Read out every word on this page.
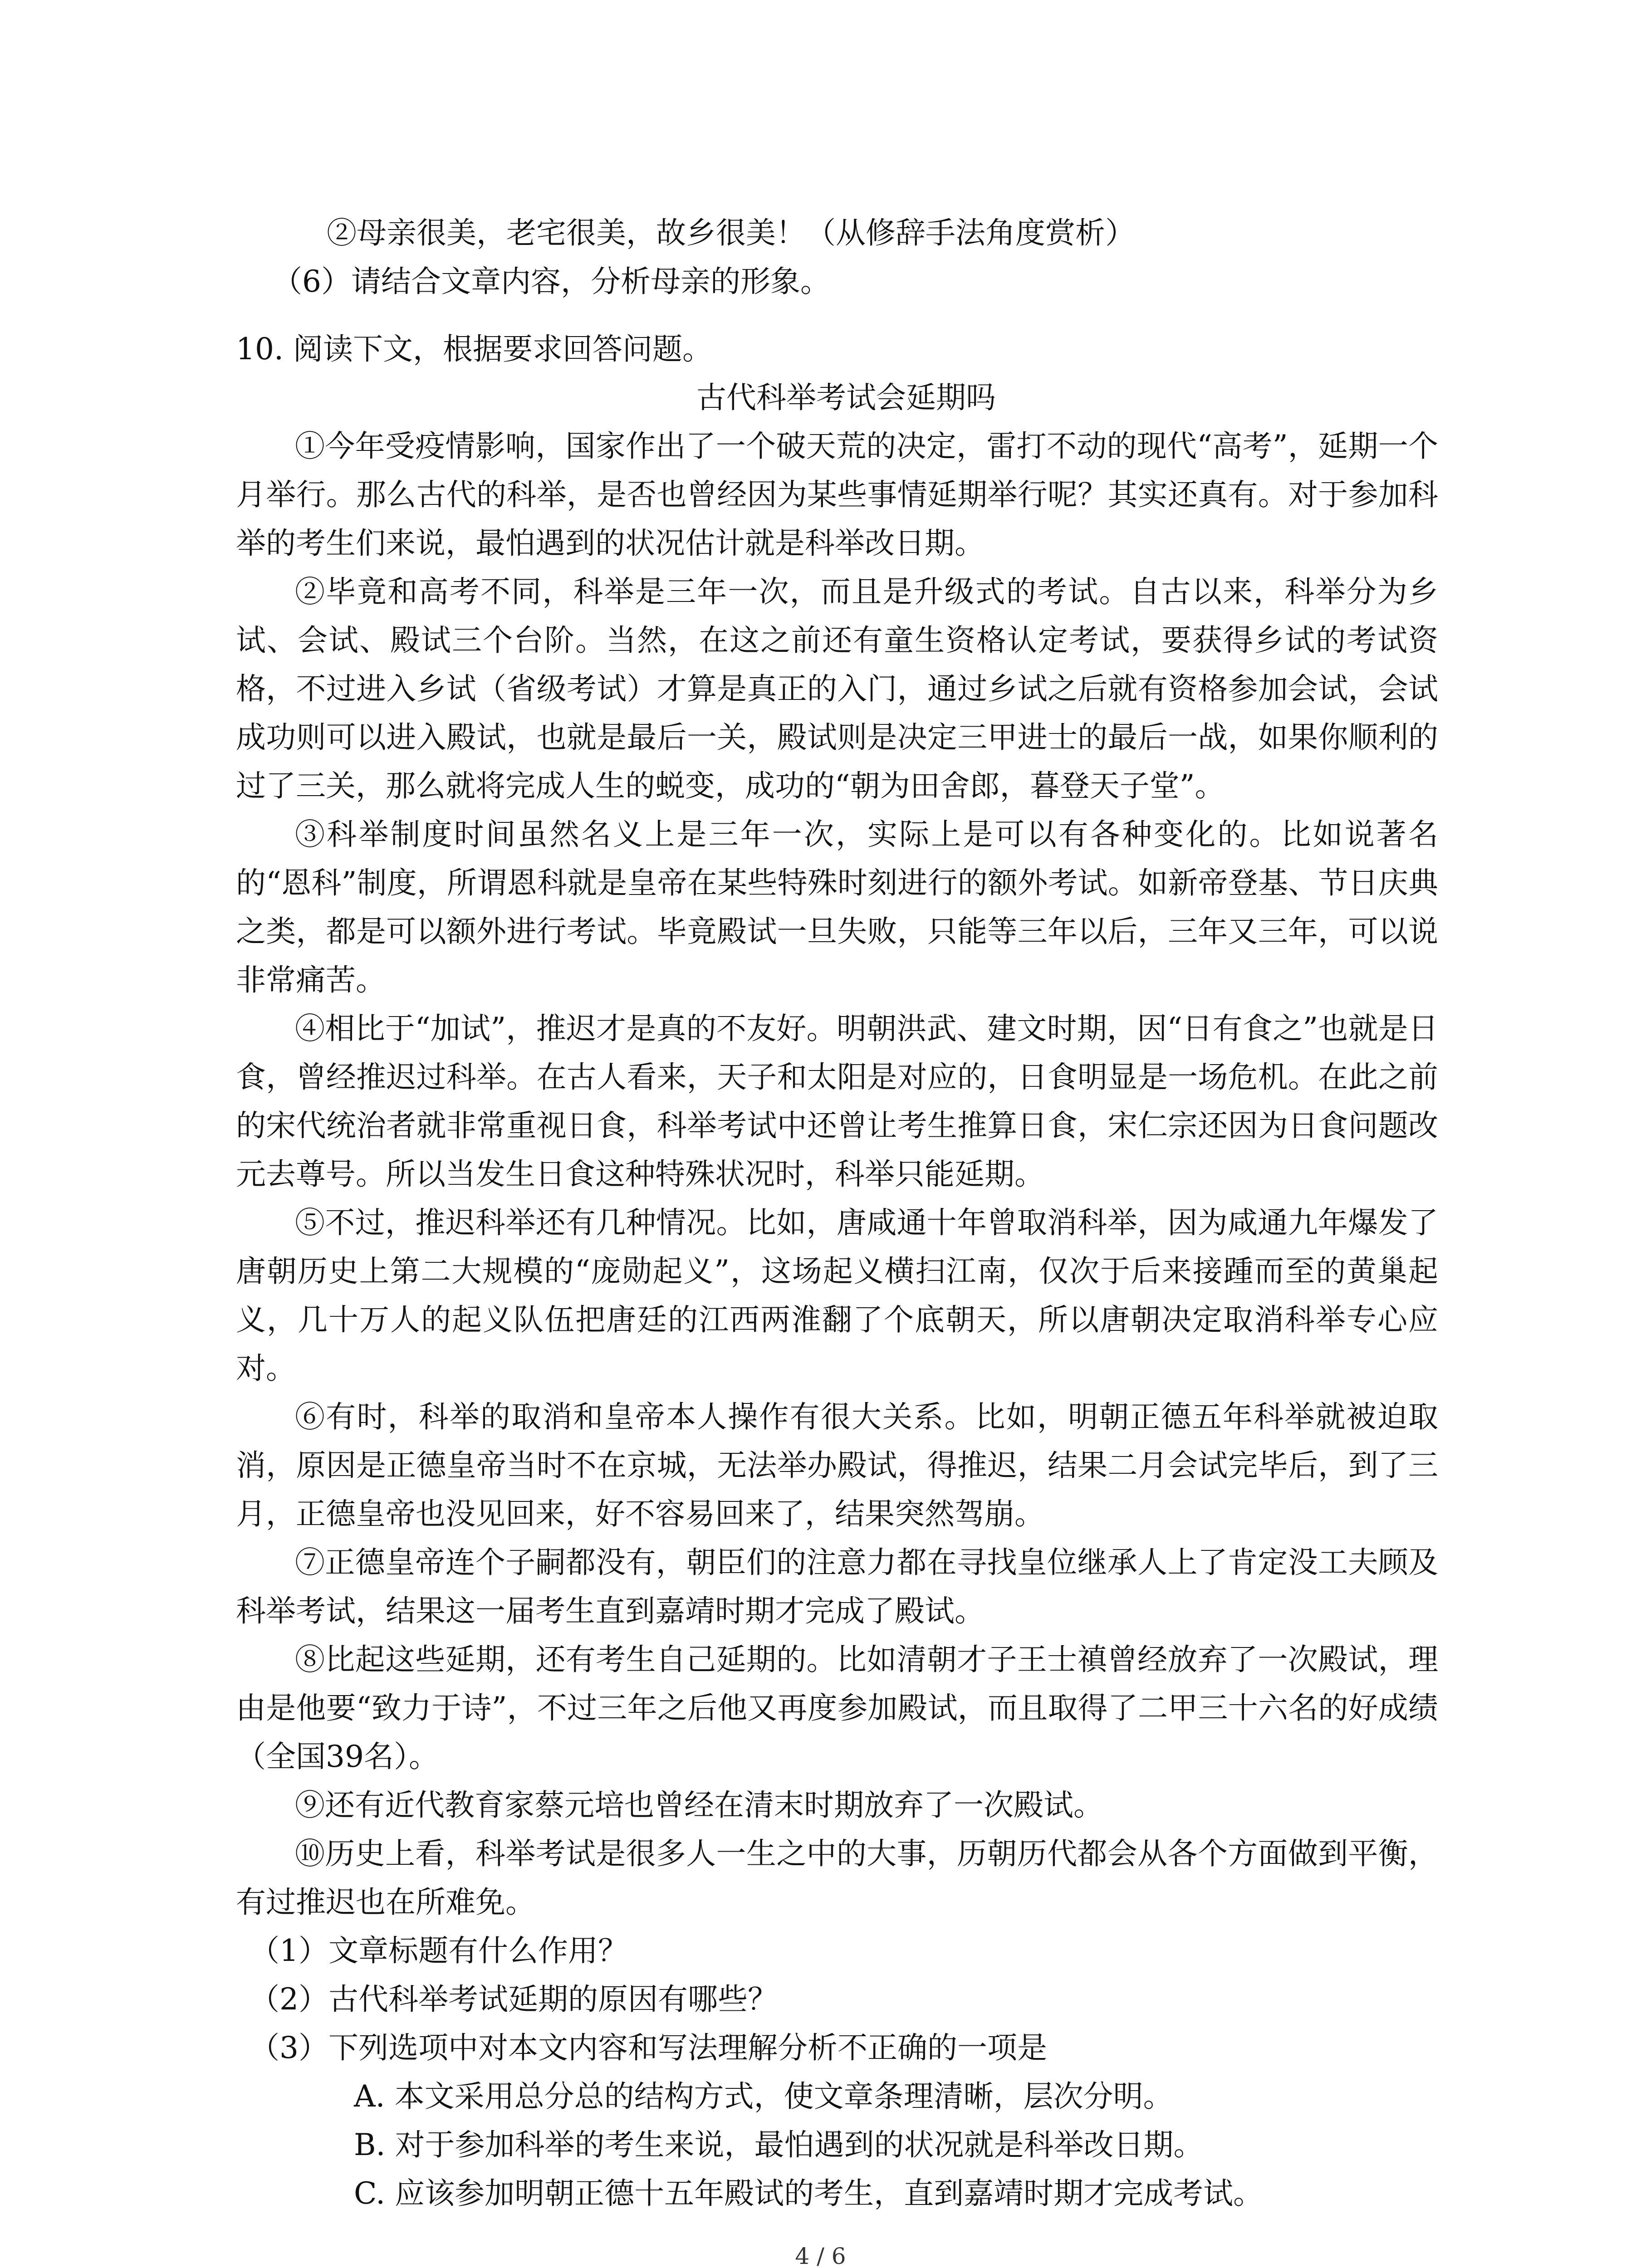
②母亲很美，老宅很美，故乡很美！（从修辞手法角度赏析）

（6）请结合文章内容，分析母亲的形象。

10. 阅读下文，根据要求回答问题。

古代科举考试会延期吗

①今年受疫情影响，国家作出了一个破天荒的决定，雷打不动的现代“高考”，延期一个月举行。那么古代的科举，是否也曾经因为某些事情延期举行呢？其实还真有。对于参加科举的考生们来说，最怕遇到的状况估计就是科举改日期。

②毕竟和高考不同，科举是三年一次，而且是升级式的考试。自古以来，科举分为乡试、会试、殿试三个台阶。当然，在这之前还有童生资格认定考试，要获得乡试的考试资格，不过进入乡试（省级考试）才算是真正的入门，通过乡试之后就有资格参加会试，会试成功则可以进入殿试，也就是最后一关，殿试则是决定三甲进士的最后一战，如果你顺利的过了三关，那么就将完成人生的蜕变，成功的“朝为田舍郎，暮登天子堂”。

③科举制度时间虽然名义上是三年一次，实际上是可以有各种变化的。比如说著名的“恩科”制度，所谓恩科就是皇帝在某些特殊时刻进行的额外考试。如新帝登基、节日庆典之类，都是可以额外进行考试。毕竟殿试一旦失败，只能等三年以后，三年又三年，可以说非常痛苦。

④相比于“加试”，推迟才是真的不友好。明朝洪武、建文时期，因“日有食之”也就是日食，曾经推迟过科举。在古人看来，天子和太阳是对应的，日食明显是一场危机。在此之前的宋代统治者就非常重视日食，科举考试中还曾让考生推算日食，宋仁宗还因为日食问题改元去尊号。所以当发生日食这种特殊状况时，科举只能延期。

⑤不过，推迟科举还有几种情况。比如，唐咸通十年曾取消科举，因为咸通九年爆发了唐朝历史上第二大规模的“庞勋起义”，这场起义横扫江南，仅次于后来接踵而至的黄巢起义，几十万人的起义队伍把唐廷的江西两淮翻了个底朝天，所以唐朝决定取消科举专心应对。

⑥有时，科举的取消和皇帝本人操作有很大关系。比如，明朝正德五年科举就被迫取消，原因是正德皇帝当时不在京城，无法举办殿试，得推迟，结果二月会试完毕后，到了三月，正德皇帝也没见回来，好不容易回来了，结果突然驾崩。

⑦正德皇帝连个子嗣都没有，朝臣们的注意力都在寻找皇位继承人上了肯定没工夫顾及科举考试，结果这一届考生直到嘉靖时期才完成了殿试。

⑧比起这些延期，还有考生自己延期的。比如清朝才子王士禛曾经放弃了一次殿试，理由是他要“致力于诗”，不过三年之后他又再度参加殿试，而且取得了二甲三十六名的好成绩（全国39名）。

⑨还有近代教育家蔡元培也曾经在清末时期放弃了一次殿试。

⑩历史上看，科举考试是很多人一生之中的大事，历朝历代都会从各个方面做到平衡，有过推迟也在所难免。

（1）文章标题有什么作用？

（2）古代科举考试延期的原因有哪些？

（3）下列选项中对本文内容和写法理解分析不正确的一项是

A. 本文采用总分总的结构方式，使文章条理清晰，层次分明。

B. 对于参加科举的考生来说，最怕遇到的状况就是科举改日期。

C. 应该参加明朝正德十五年殿试的考生，直到嘉靖时期才完成考试。

4 / 6
